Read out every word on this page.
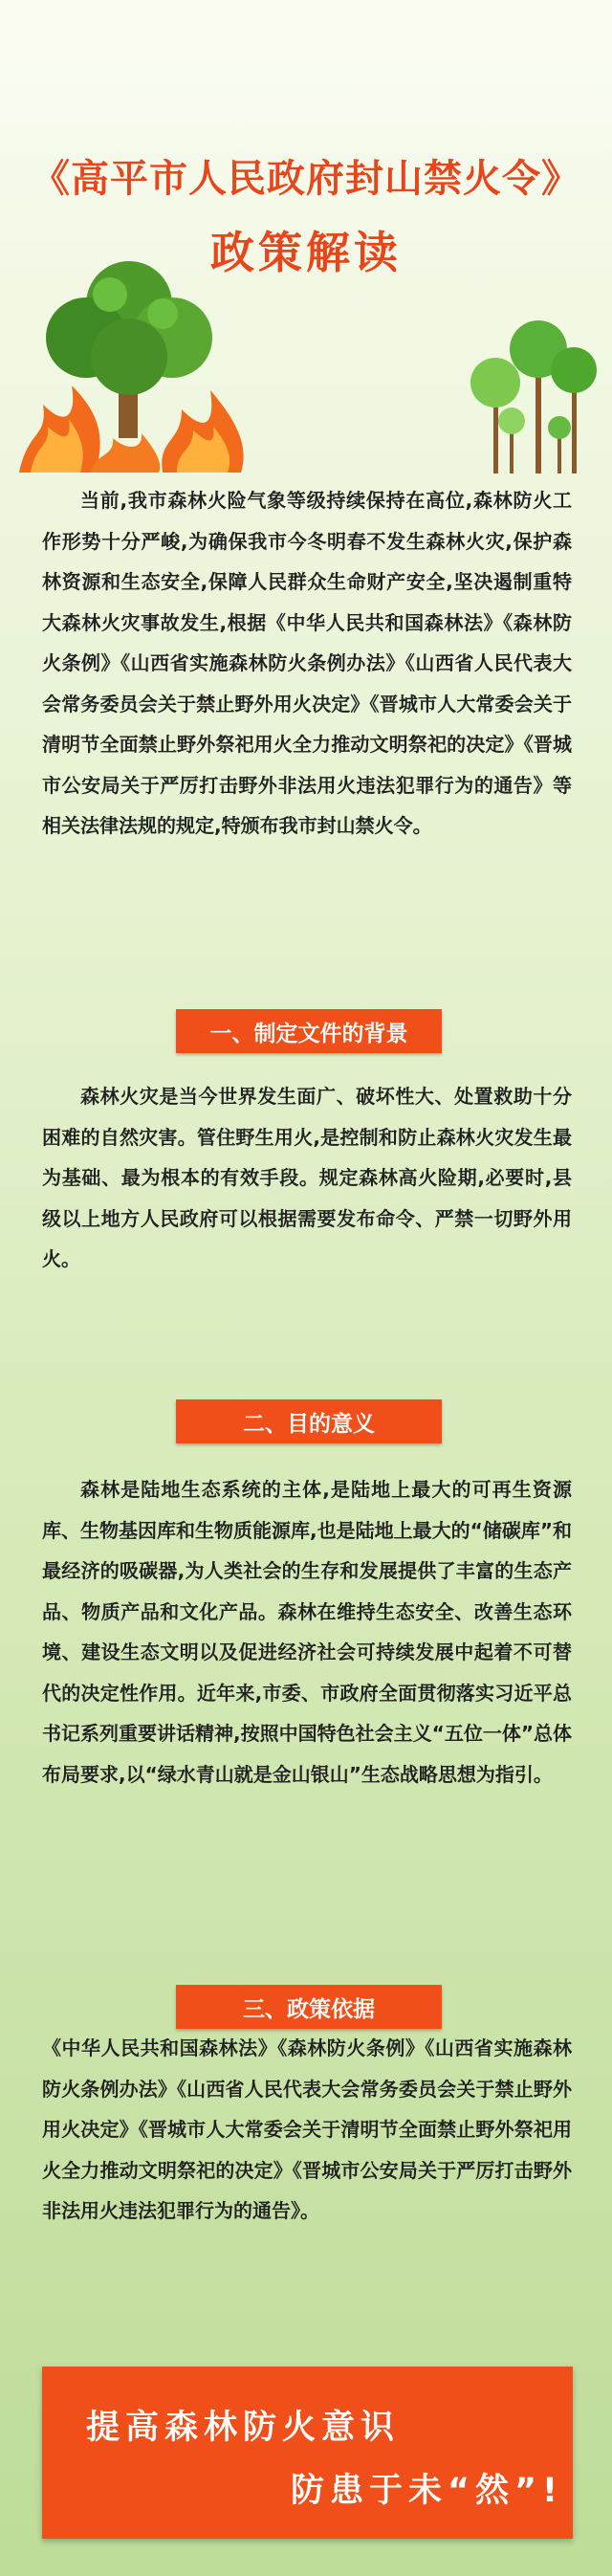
《高平市人民政府封山禁火令》
政策解读

当前,我市森林火险气象等级持续保持在高位,森林防火工作形势十分严峻,为确保我市今冬明春不发生森林火灾,保护森林资源和生态安全,保障人民群众生命财产安全,坚决遏制重特大森林火灾事故发生,根据《中华人民共和国森林法》《森林防火条例》《山西省实施森林防火条例办法》《山西省人民代表大会常务委员会关于禁止野外用火决定》《晋城市人大常委会关于清明节全面禁止野外祭祀用火全力推动文明祭祀的决定》《晋城市公安局关于严厉打击野外非法用火违法犯罪行为的通告》等相关法律法规的规定,特颁布我市封山禁火令。

一、制定文件的背景

森林火灾是当今世界发生面广、破坏性大、处置救助十分困难的自然灾害。管住野生用火,是控制和防止森林火灾发生最为基础、最为根本的有效手段。规定森林高火险期,必要时,县级以上地方人民政府可以根据需要发布命令、严禁一切野外用火。

二、目的意义

森林是陆地生态系统的主体,是陆地上最大的可再生资源库、生物基因库和生物质能源库,也是陆地上最大的“储碳库”和最经济的吸碳器,为人类社会的生存和发展提供了丰富的生态产品、物质产品和文化产品。森林在维持生态安全、改善生态环境、建设生态文明以及促进经济社会可持续发展中起着不可替代的决定性作用。近年来,市委、市政府全面贯彻落实习近平总书记系列重要讲话精神,按照中国特色社会主义“五位一体”总体布局要求,以“绿水青山就是金山银山”生态战略思想为指引。

三、政策依据

《中华人民共和国森林法》《森林防火条例》《山西省实施森林防火条例办法》《山西省人民代表大会常务委员会关于禁止野外用火决定》《晋城市人大常委会关于清明节全面禁止野外祭祀用火全力推动文明祭祀的决定》《晋城市公安局关于严厉打击野外非法用火违法犯罪行为的通告》。

提高森林防火意识
防患于未“然”!
